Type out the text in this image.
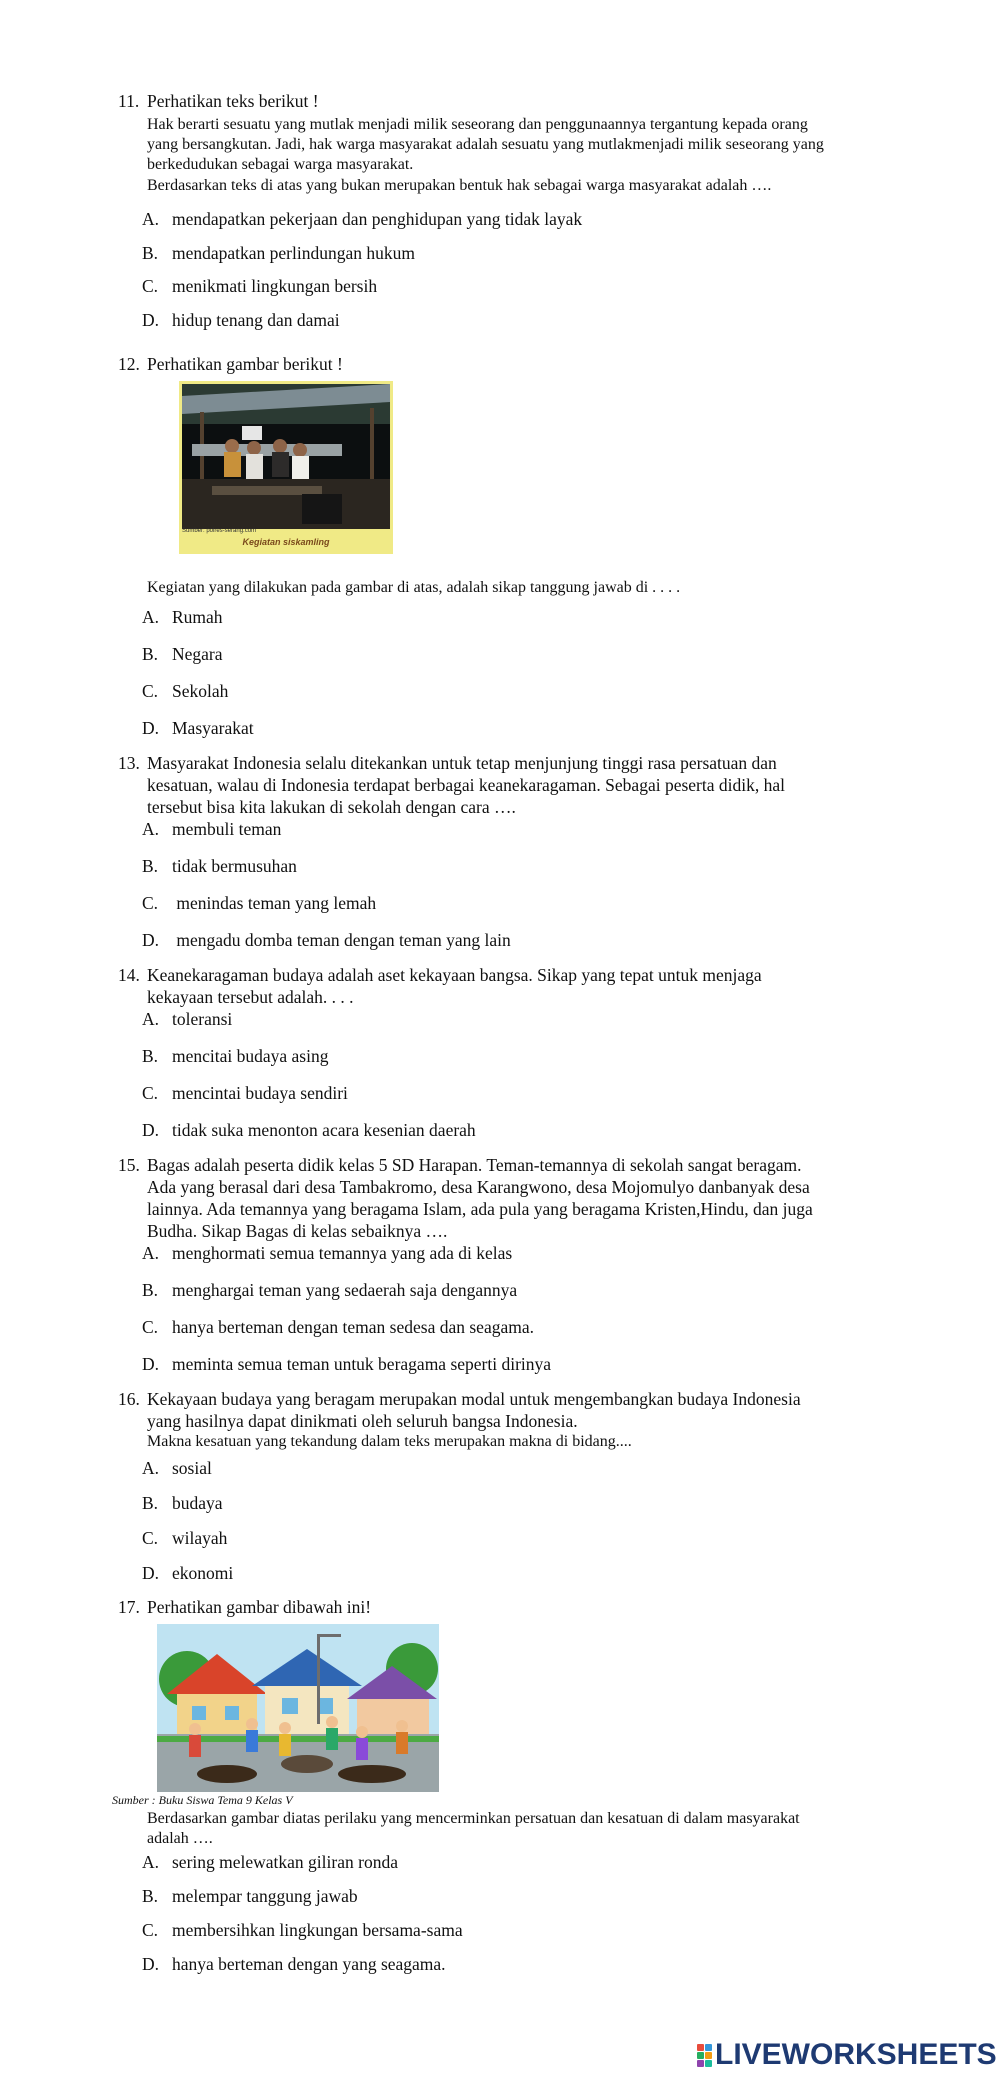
11. Perhatikan teks berikut !
Hak berarti sesuatu yang mutlak menjadi milik seseorang dan penggunaannya tergantung kepada orang
yang bersangkutan. Jadi, hak warga masyarakat adalah sesuatu yang mutlakmenjadi milik seseorang yang
berkedudukan sebagai warga masyarakat.
Berdasarkan teks di atas yang bukan merupakan bentuk hak sebagai warga masyarakat adalah ….
A. mendapatkan pekerjaan dan penghidupan yang tidak layak
B. mendapatkan perlindungan hukum
C. menikmati lingkungan bersih
D. hidup tenang dan damai
12. Perhatikan gambar berikut !
Sumber: polres-serang.com
Kegiatan siskamling
Kegiatan yang dilakukan pada gambar di atas, adalah sikap tanggung jawab di . . . .
A. Rumah
B. Negara
C. Sekolah
D. Masyarakat
13. Masyarakat Indonesia selalu ditekankan untuk tetap menjunjung tinggi rasa persatuan dan
kesatuan, walau di Indonesia terdapat berbagai keanekaragaman. Sebagai peserta didik, hal
tersebut bisa kita lakukan di sekolah dengan cara ….
A. membuli teman
B. tidak bermusuhan
C. menindas teman yang lemah
D. mengadu domba teman dengan teman yang lain
14. Keanekaragaman budaya adalah aset kekayaan bangsa. Sikap yang tepat untuk menjaga
kekayaan tersebut adalah. . . .
A. toleransi
B. mencitai budaya asing
C. mencintai budaya sendiri
D. tidak suka menonton acara kesenian daerah
15. Bagas adalah peserta didik kelas 5 SD Harapan. Teman-temannya di sekolah sangat beragam.
Ada yang berasal dari desa Tambakromo, desa Karangwono, desa Mojomulyo danbanyak desa
lainnya. Ada temannya yang beragama Islam, ada pula yang beragama Kristen,Hindu, dan juga
Budha. Sikap Bagas di kelas sebaiknya ….
A. menghormati semua temannya yang ada di kelas
B. menghargai teman yang sedaerah saja dengannya
C. hanya berteman dengan teman sedesa dan seagama.
D. meminta semua teman untuk beragama seperti dirinya
16. Kekayaan budaya yang beragam merupakan modal untuk mengembangkan budaya Indonesia
yang hasilnya dapat dinikmati oleh seluruh bangsa Indonesia.
Makna kesatuan yang tekandung dalam teks merupakan makna di bidang....
A. sosial
B. budaya
C. wilayah
D. ekonomi
17. Perhatikan gambar dibawah ini!
Sumber : Buku Siswa Tema 9 Kelas V
Berdasarkan gambar diatas perilaku yang mencerminkan persatuan dan kesatuan di dalam masyarakat
adalah ….
A. sering melewatkan giliran ronda
B. melempar tanggung jawab
C. membersihkan lingkungan bersama-sama
D. hanya berteman dengan yang seagama.
LIVEWORKSHEETS
